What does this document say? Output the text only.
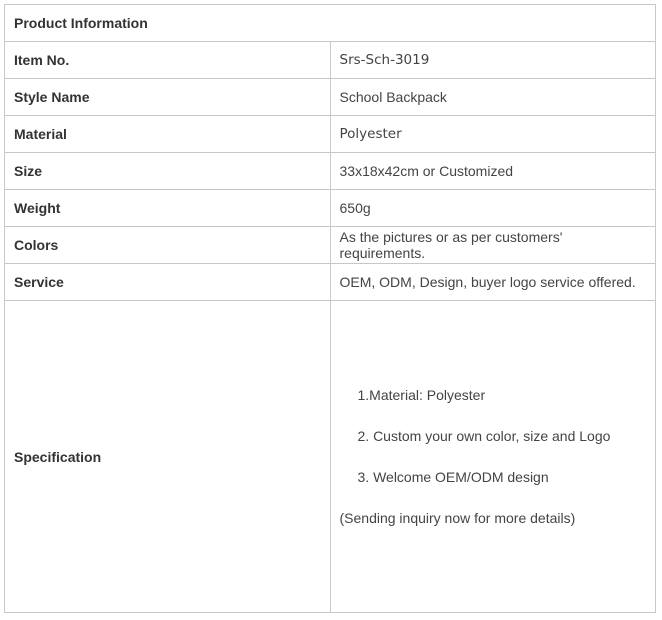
Product Information	
Item No.	Srs-Sch-3019
Style Name	School Backpack
Material	Polyester
Size	33x18x42cm or Customized
Weight	650g
Colors	As the pictures or as per customers' requirements.
Service	OEM, ODM, Design, buyer logo service offered.
Specification	1.Material: Polyester

2. Custom your own color, size and Logo

3. Welcome OEM/ODM design

(Sending inquiry now for more details)
